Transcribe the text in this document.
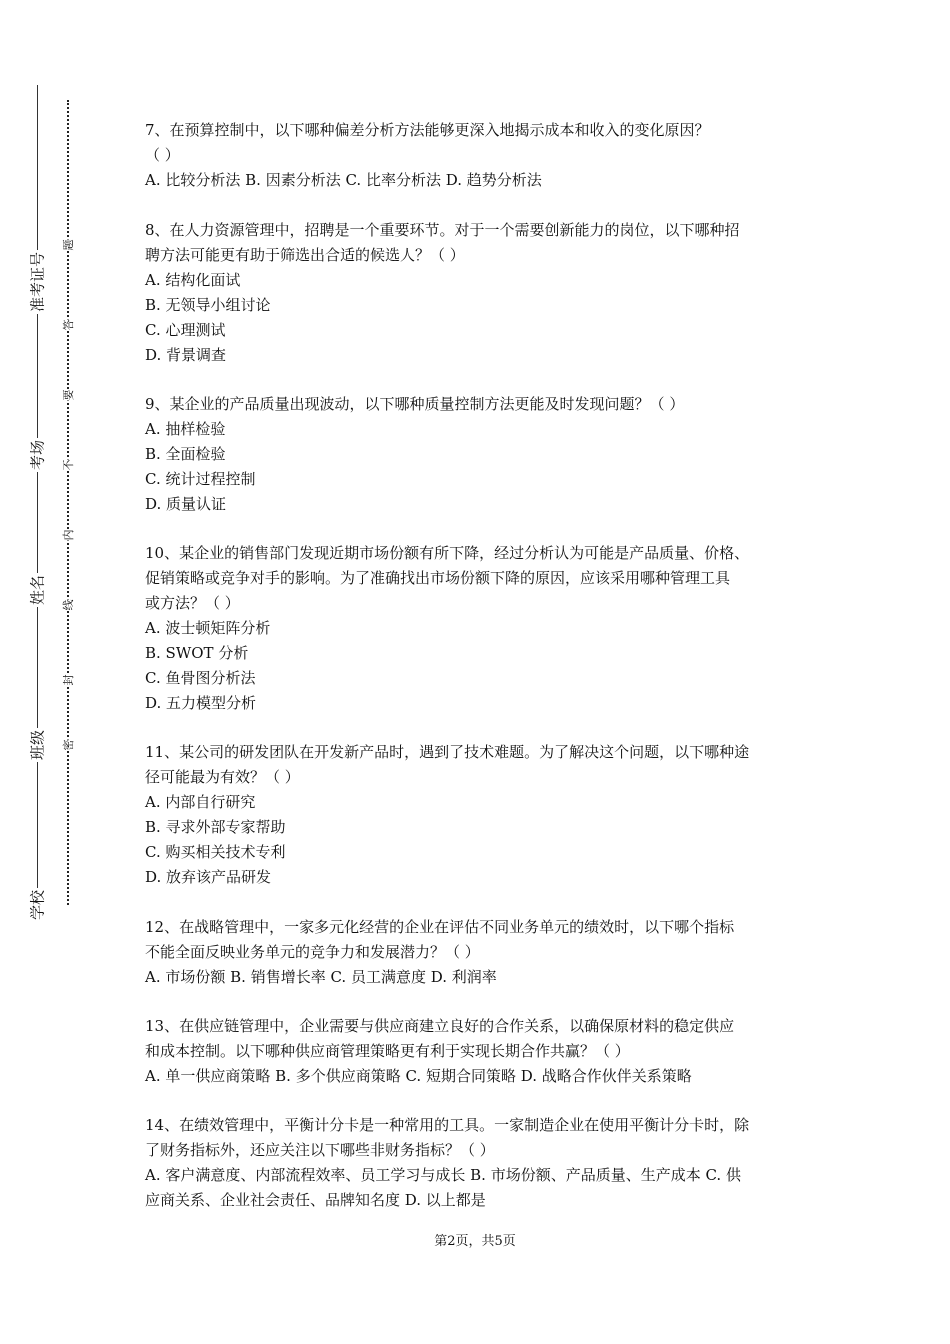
学校
班级
姓名
考场
准考证号
密
封
线
内
不
要
答
题
7、在预算控制中，以下哪种偏差分析方法能够更深入地揭示成本和收入的变化原因？
（ ）
A. 比较分析法 B. 因素分析法 C. 比率分析法 D. 趋势分析法
8、在人力资源管理中，招聘是一个重要环节。对于一个需要创新能力的岗位，以下哪种招
聘方法可能更有助于筛选出合适的候选人？（ ）
A. 结构化面试
B. 无领导小组讨论
C. 心理测试
D. 背景调查
9、某企业的产品质量出现波动，以下哪种质量控制方法更能及时发现问题？（ ）
A. 抽样检验
B. 全面检验
C. 统计过程控制
D. 质量认证
10、某企业的销售部门发现近期市场份额有所下降，经过分析认为可能是产品质量、价格、
促销策略或竞争对手的影响。为了准确找出市场份额下降的原因，应该采用哪种管理工具
或方法？（ ）
A. 波士顿矩阵分析
B. SWOT 分析
C. 鱼骨图分析法
D. 五力模型分析
11、某公司的研发团队在开发新产品时，遇到了技术难题。为了解决这个问题，以下哪种途
径可能最为有效？（ ）
A. 内部自行研究
B. 寻求外部专家帮助
C. 购买相关技术专利
D. 放弃该产品研发
12、在战略管理中，一家多元化经营的企业在评估不同业务单元的绩效时，以下哪个指标
不能全面反映业务单元的竞争力和发展潜力？（ ）
A. 市场份额 B. 销售增长率 C. 员工满意度 D. 利润率
13、在供应链管理中，企业需要与供应商建立良好的合作关系，以确保原材料的稳定供应
和成本控制。以下哪种供应商管理策略更有利于实现长期合作共赢？（ ）
A. 单一供应商策略 B. 多个供应商策略 C. 短期合同策略 D. 战略合作伙伴关系策略
14、在绩效管理中，平衡计分卡是一种常用的工具。一家制造企业在使用平衡计分卡时，除
了财务指标外，还应关注以下哪些非财务指标？（ ）
A. 客户满意度、内部流程效率、员工学习与成长 B. 市场份额、产品质量、生产成本 C. 供
应商关系、企业社会责任、品牌知名度 D. 以上都是
第2页，共5页
